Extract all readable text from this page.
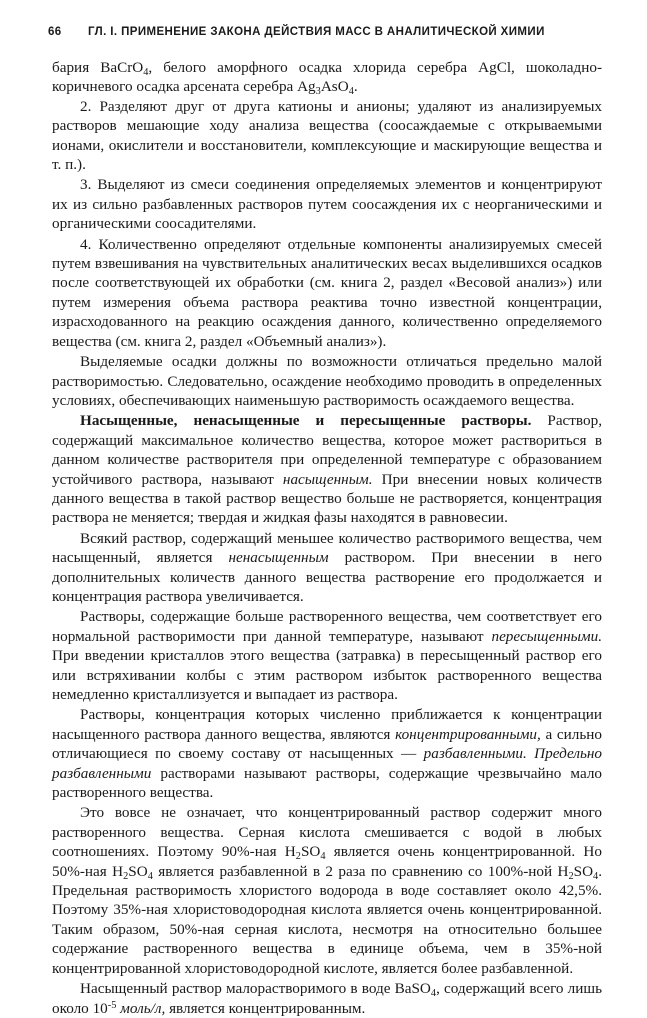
66 ГЛ. I. ПРИМЕНЕНИЕ ЗАКОНА ДЕЙСТВИЯ МАСС В АНАЛИТИЧЕСКОЙ ХИМИИ

бария BaCrO$_4$, белого аморфного осадка хлорида серебра AgCl, шоколадно-коричневого осадка арсената серебра $Ag_3AsO_4$.

2. Разделяют друг от друга катионы и анионы; удаляют из анализируемых растворов мешающие ходу анализа вещества (соосаждаемые с открываемыми ионами, окислители и восстановители, комплексующие и маскирующие вещества и т. п.).

3. Выделяют из смеси соединения определяемых элементов и концентрируют их из сильно разбавленных растворов путем соосаждения их с неорганическими и органическими соосадителями.

4. Количественно определяют отдельные компоненты анализируемых смесей путем взвешивания на чувствительных аналитических весах выделившихся осадков после соответствующей их обработки (см. книга 2, раздел «Весовой анализ») или путем измерения объема раствора реактива точно известной концентрации, израсходованного на реакцию осаждения данного, количественно определяемого вещества (см. книга 2, раздел «Объемный анализ»).

Выделяемые осадки должны по возможности отличаться предельно малой растворимостью. Следовательно, осаждение необходимо проводить в определенных условиях, обеспечивающих наименьшую растворимость осаждаемого вещества.

Насыщенные, ненасыщенные и пересыщенные растворы. Раствор, содержащий максимальное количество вещества, которое может раствориться в данном количестве растворителя при определенной температуре с образованием устойчивого раствора, называют насыщенным. При внесении новых количеств данного вещества в такой раствор вещество больше не растворяется, концентрация раствора не меняется; твердая и жидкая фазы находятся в равновесии.

Всякий раствор, содержащий меньшее количество растворимого вещества, чем насыщенный, является ненасыщенным раствором. При внесении в него дополнительных количеств данного вещества растворение его продолжается и концентрация раствора увеличивается.

Растворы, содержащие больше растворенного вещества, чем соответствует его нормальной растворимости при данной температуре, называют пересыщенными. При введении кристаллов этого вещества (затравка) в пересыщенный раствор его или встряхивании колбы с этим раствором избыток растворенного вещества немедленно кристаллизуется и выпадает из раствора.

Растворы, концентрация которых численно приближается к концентрации насыщенного раствора данного вещества, являются концентрированными, а сильно отличающиеся по своему составу от насыщенных — разбавленными. Предельно разбавленными растворами называют растворы, содержащие чрезвычайно мало растворенного вещества.

Это вовсе не означает, что концентрированный раствор содержит много растворенного вещества. Серная кислота смешивается с водой в любых соотношениях. Поэтому 90%-ная $H_2SO_4$ является очень концентрированной. Но 50%-ная $H_2SO_4$ является разбавленной в 2 раза по сравнению со 100%-ной $H_2SO_4$. Предельная растворимость хлористого водорода в воде составляет около 42,5%. Поэтому 35%-ная хлористоводородная кислота является очень концентрированной. Таким образом, 50%-ная серная кислота, несмотря на относительно большее содержание растворенного вещества в единице объема, чем в 35%-ной концентрированной хлористоводородной кислоте, является более разбавленной.

Насыщенный раствор малорастворимого в воде BaSO$_4$, содержащий всего лишь около $10^{-5}$ моль/л, является концентрированным.
